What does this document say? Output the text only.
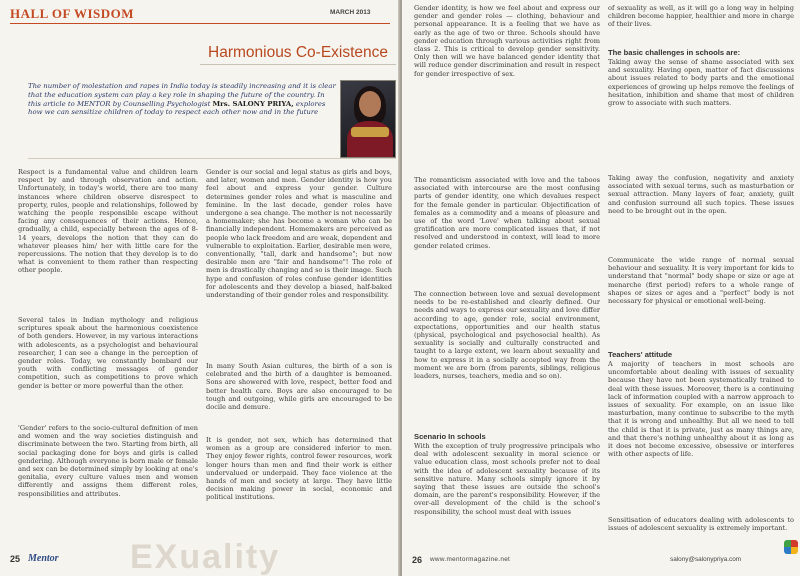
HALL OF WISDOM	MARCH 2013
Harmonious Co-Existence
The number of molestation and rapes in India today is steadily increasing and it is clear that the education system can play a key role in shaping the future of the country. In this article to MENTOR by Counselling Psychologist Mrs. SALONY PRIYA, explores how we can sensitize children of today to respect each other now and in the future
Respect is a fundamental value and children learn respect by and through observation and action. Unfortunately, in today's world, there are too many instances where children observe disrespect to property, rules, people and relationships, followed by watching the people responsible escape without facing any consequences of their actions. Hence, gradually, a child, especially between the ages of 8-14 years, develops the notion that they can do whatever pleases him/ her with little care for the repercussions. The notion that they develop is to do what is convenient to them rather than respecting other people.
Several tales in Indian mythology and religious scriptures speak about the harmonious coexistence of both genders. However, in my various interactions with adolescents, as a psychologist and behavioural researcher, I can see a change in the perception of gender roles. Today, we constantly bombard our youth with conflicting messages of gender competition, such as competitions to prove which gender is better or more powerful than the other.
'Gender' refers to the socio-cultural definition of men and women and the way societies distinguish and discriminate between the two. Starting from birth, all social packaging done for boys and girls is called gendering. Although everyone is born male or female and sex can be determined simply by looking at one's genitalia, every culture values men and women differently and assigns them different roles, responsibilities and attributes.
Gender is our social and legal status as girls and boys, and later, women and men. Gender identity is how you feel about and express your gender. Culture determines gender roles and what is masculine and feminine. In the last decade, gender roles have undergone a sea change. The mother is not necessarily a homemaker; she has become a woman who can be financially independent. Homemakers are perceived as people who lack freedom and are weak, dependent and vulnerable to exploitation. Earlier, desirable men were, conventionally, "tall, dark and handsome"; but now desirable men are "fair and handsome"! The role of men is drastically changing and so is their image. Such hype and confusion of roles confuse gender identities for adolescents and they develop a biased, half-baked understanding of their gender roles and responsibility.
In many South Asian cultures, the birth of a son is celebrated and the birth of a daughter is bemoaned. Sons are showered with love, respect, better food and better health care. Boys are also encouraged to be tough and outgoing, while girls are encouraged to be docile and demure.
It is gender, not sex, which has determined that women as a group are considered inferior to men. They enjoy fewer rights, control fewer resources, work longer hours than men and find their work is either undervalued or underpaid. They face violence at the hands of men and society at large. They have little decision making power in social, economic and political institutions.
EXuality
25 Mentor
Gender identity, is how we feel about and express our gender and gender roles — clothing, behaviour and personal appearance. It is a feeling that we have as early as the age of two or three. Schools should have gender education through various activities right from class 2. This is critical to develop gender sensitivity. Only then will we have balanced gender identity that will reduce gender discrimination and result in respect for gender irrespective of sex.
The romanticism associated with love and the taboos associated with intercourse are the most confusing parts of gender identity, one which devalues respect for the female gender in particular. Objectification of females as a commodity and a means of pleasure and use of the word 'Love' when talking about sexual gratification are more complicated issues that, if not resolved and understood in context, will lead to more gender related crimes.
The connection between love and sexual development needs to be re-established and clearly defined. Our needs and ways to express our sexuality and love differ according to age, gender role, social environment, expectations, opportunities and our health status (physical, psychological and psychosocial health). As sexuality is socially and culturally constructed and taught to a large extent, we learn about sexuality and how to express it in a socially accepted way from the moment we are born (from parents, siblings, religious leaders, nurses, teachers, media and so on).
Scenario In schools
With the exception of truly progressive principals who deal with adolescent sexuality in moral science or value education class, most schools prefer not to deal with the idea of adolescent sexuality because of its sensitive nature. Many schools simply ignore it by saying that these issues are outside the school's domain, are the parent's responsibility. However, if the over-all development of the child is the school's responsibility, the school must deal with issues
of sexuality as well, as it will go a long way in helping children become happier, healthier and more in charge of their lives.
The basic challenges in schools are:
Taking away the sense of shame associated with sex and sexuality. Having open, matter of fact discussions about issues related to body parts and the emotional experiences of growing up helps remove the feelings of hesitation, inhibition and shame that most of children grow to associate with such matters.
Taking away the confusion, negativity and anxiety associated with sexual terms, such as masturbation or sexual attraction. Many layers of fear, anxiety, guilt and confusion surround all such topics. These issues need to be brought out in the open.
Communicate the wide range of normal sexual behaviour and sexuality. It is very important for kids to understand that "normal" body shape or size or age at menarche (first period) refers to a whole range of shapes or sizes or ages and a "perfect" body is not necessary for physical or emotional well-being.
Teachers' attitude
A majority of teachers in most schools are uncomfortable about dealing with issues of sexuality because they have not been systematically trained to deal with these issues. Moreover, there is a continuing lack of information coupled with a narrow approach to issues of sexuality. For example, on an issue like masturbation, many continue to subscribe to the myth that it is wrong and unhealthy. But all we need to tell the child is that it is private, just as many things are, and that there's nothing unhealthy about it as long as it does not become excessive, obsessive or interferes with other aspects of life.
Sensitisation of educators dealing with adolescents to issues of adolescent sexuality is extremely important.
26 www.mentormagazine.net	salony@salonypriya.com
